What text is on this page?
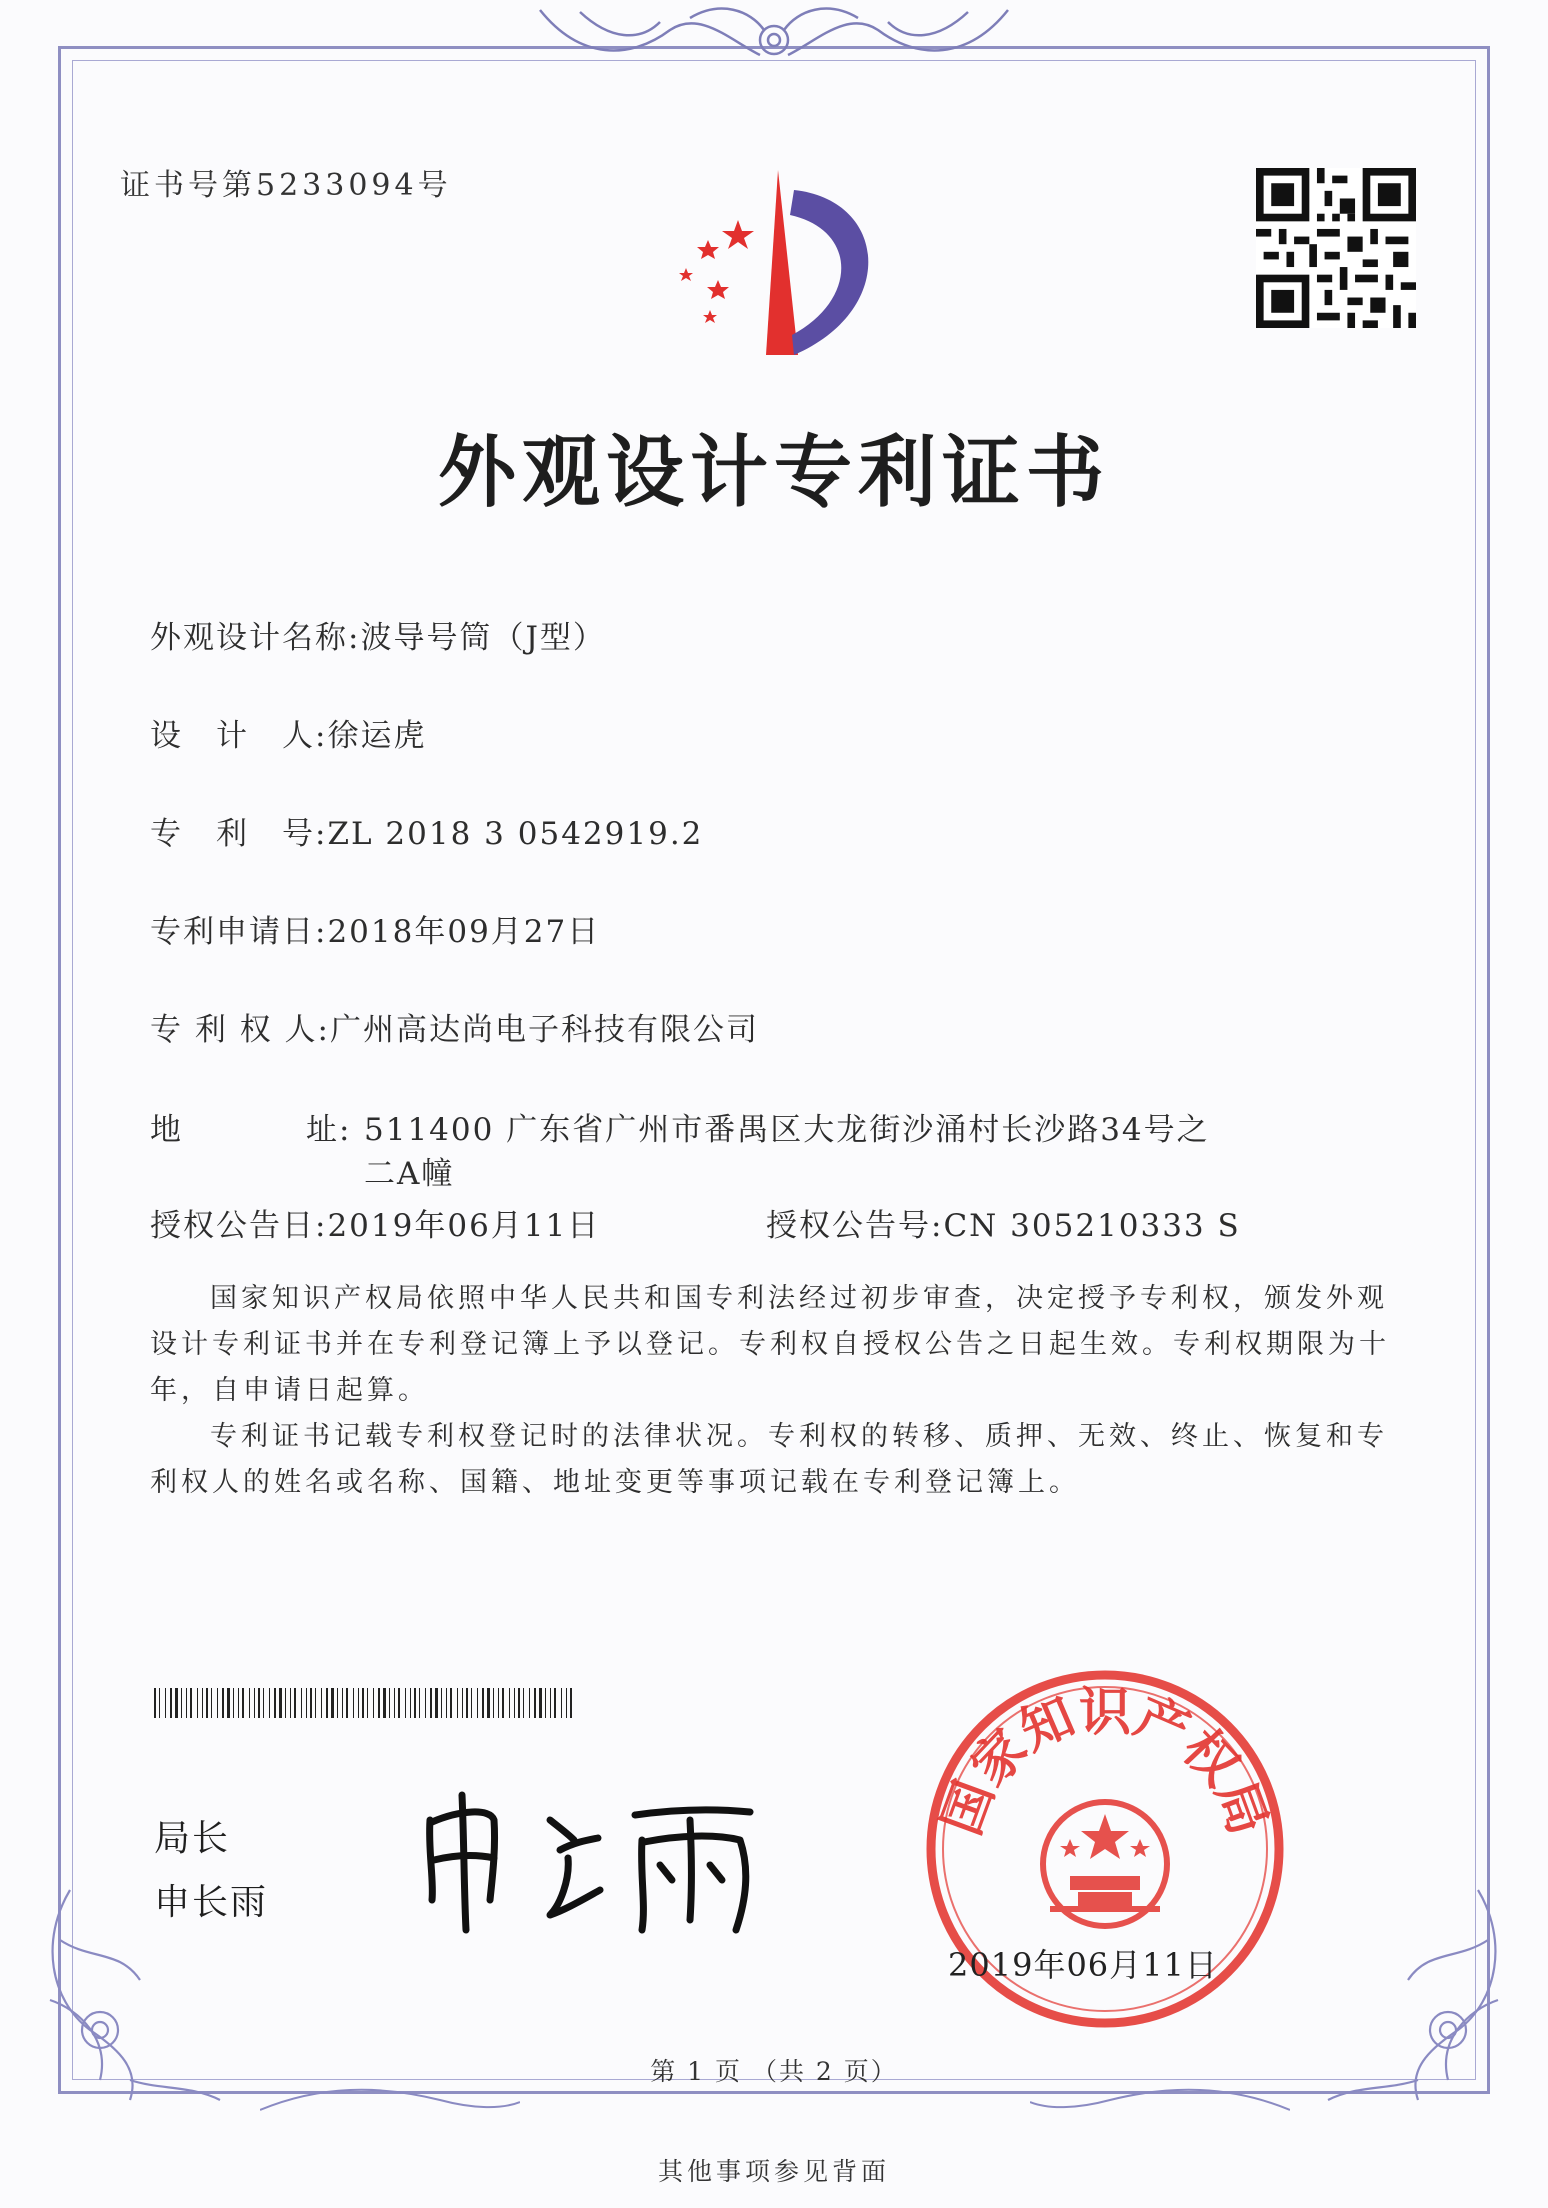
证书号第5233094号
外观设计专利证书
外观设计名称:波导号筒（J型）
设　计　人:徐运虎
专　利　号:ZL 2018 3 0542919.2
专利申请日:2018年09月27日
专 利 权 人:广州高达尚电子科技有限公司
地	址: 511400 广东省广州市番禺区大龙街沙涌村长沙路34号之
二A幢
授权公告日:2019年06月11日	授权公告号:CN 305210333 S

国家知识产权局依照中华人民共和国专利法经过初步审查，决定授予专利权，颁发外观设计专利证书并在专利登记簿上予以登记。专利权自授权公告之日起生效。专利权期限为十年，自申请日起算。

专利证书记载专利权登记时的法律状况。专利权的转移、质押、无效、终止、恢复和专利权人的姓名或名称、国籍、地址变更等事项记载在专利登记簿上。

局长
申长雨
国家知识产权局
2019年06月11日
第 1 页 （共 2 页）
其他事项参见背面
